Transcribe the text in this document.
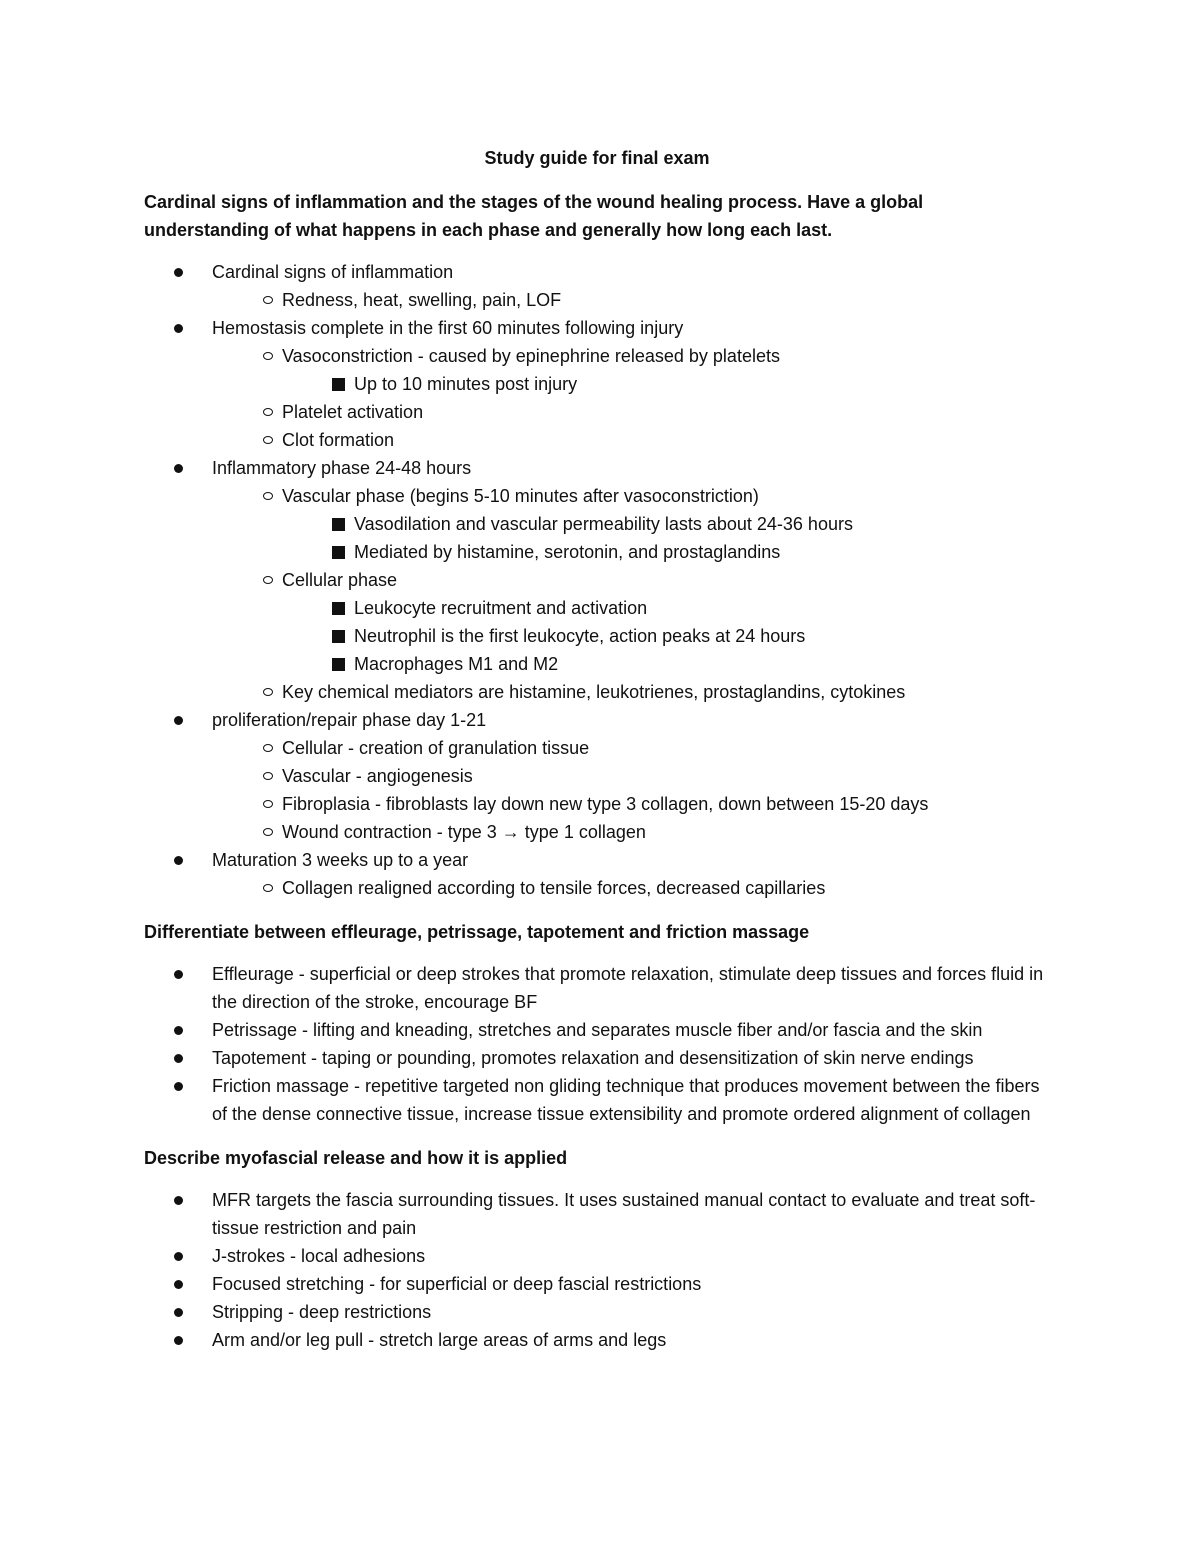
Study guide for final exam
Cardinal signs of inflammation and the stages of the wound healing process. Have a global understanding of what happens in each phase and generally how long each last.
Cardinal signs of inflammation
Redness, heat, swelling, pain, LOF
Hemostasis complete in the first 60 minutes following injury
Vasoconstriction - caused by epinephrine released by platelets
Up to 10 minutes post injury
Platelet activation
Clot formation
Inflammatory phase 24-48 hours
Vascular phase (begins 5-10 minutes after vasoconstriction)
Vasodilation and vascular permeability lasts about 24-36 hours
Mediated by histamine, serotonin, and prostaglandins
Cellular phase
Leukocyte recruitment and activation
Neutrophil is the first leukocyte, action peaks at 24 hours
Macrophages M1 and M2
Key chemical mediators are histamine, leukotrienes, prostaglandins, cytokines
proliferation/repair phase day 1-21
Cellular - creation of granulation tissue
Vascular - angiogenesis
Fibroplasia - fibroblasts lay down new type 3 collagen, down between 15-20 days
Wound contraction - type 3 → type 1 collagen
Maturation 3 weeks up to a year
Collagen realigned according to tensile forces, decreased capillaries
Differentiate between effleurage, petrissage, tapotement and friction massage
Effleurage - superficial or deep strokes that promote relaxation, stimulate deep tissues and forces fluid in the direction of the stroke, encourage BF
Petrissage - lifting and kneading, stretches and separates muscle fiber and/or fascia and the skin
Tapotement - taping or pounding, promotes relaxation and desensitization of skin nerve endings
Friction massage - repetitive targeted non gliding technique that produces movement between the fibers of the dense connective tissue, increase tissue extensibility and promote ordered alignment of collagen
Describe myofascial release and how it is applied
MFR targets the fascia surrounding tissues. It uses sustained manual contact to evaluate and treat soft-tissue restriction and pain
J-strokes - local adhesions
Focused stretching - for superficial or deep fascial restrictions
Stripping - deep restrictions
Arm and/or leg pull - stretch large areas of arms and legs
